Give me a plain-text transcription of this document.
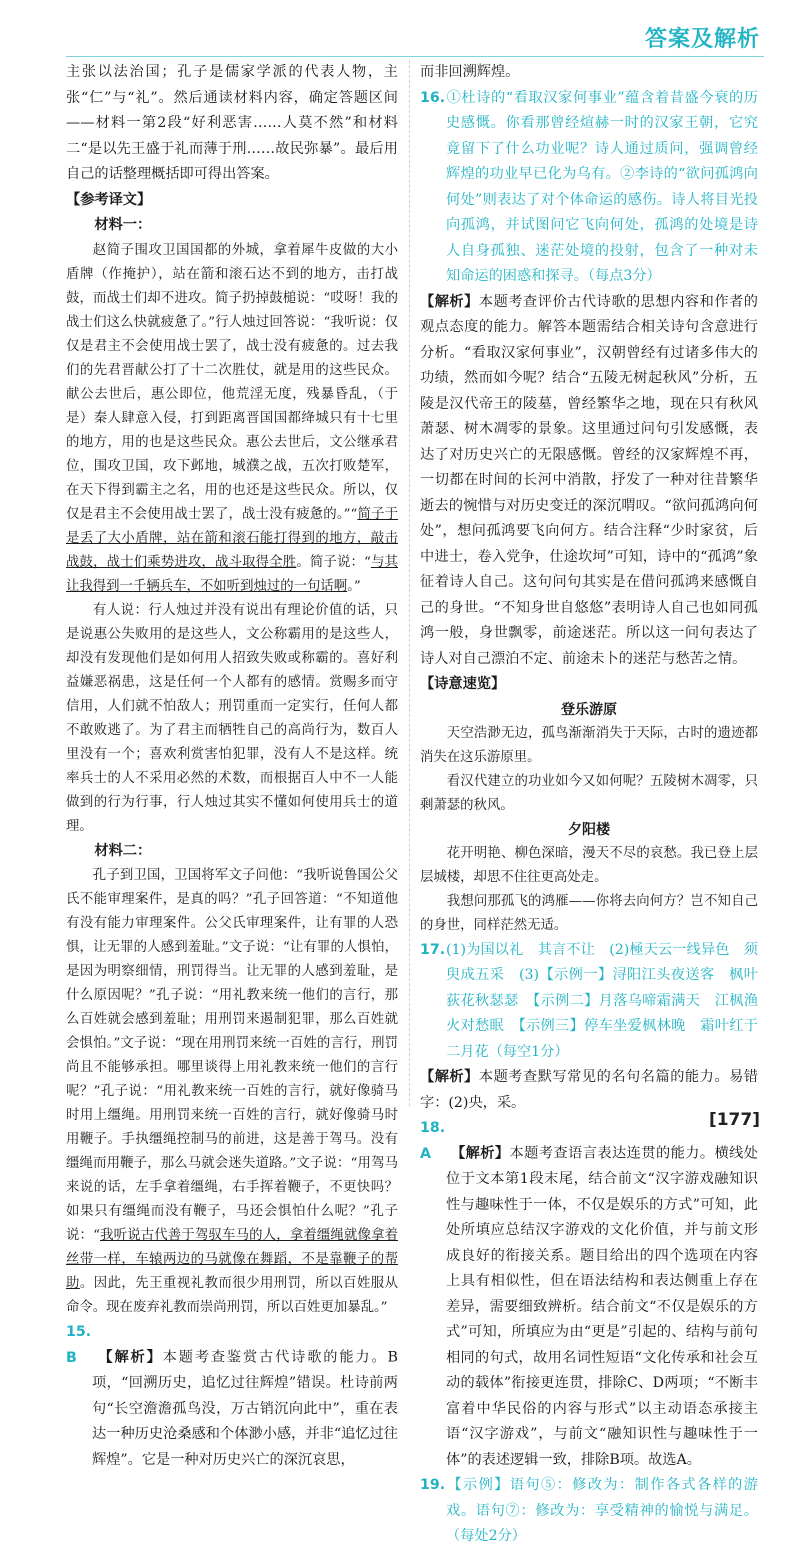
答案及解析

主张以法治国；孔子是儒家学派的代表人物，主张“仁”与“礼”。然后通读材料内容，确定答题区间——材料一第2段“好利恶害……人莫不然”和材料二“是以先王盛于礼而薄于刑……故民弥暴”。最后用自己的话整理概括即可得出答案。

【参考译文】

材料一：

赵简子围攻卫国国都的外城，拿着犀牛皮做的大小盾牌（作掩护），站在箭和滚石达不到的地方，击打战鼓，而战士们却不进攻。简子扔掉鼓槌说：“哎呀！我的战士们这么快就疲惫了。”行人烛过回答说：“我听说：仅仅是君主不会使用战士罢了，战士没有疲惫的。过去我们的先君晋献公打了十二次胜仗，就是用的这些民众。献公去世后，惠公即位，他荒淫无度，残暴昏乱，（于是）秦人肆意入侵，打到距离晋国国都绛城只有十七里的地方，用的也是这些民众。惠公去世后，文公继承君位，围攻卫国，攻下邺地，城濮之战，五次打败楚军，在天下得到霸主之名，用的也还是这些民众。所以，仅仅是君主不会使用战士罢了，战士没有疲惫的。”“简子于是丢了大小盾牌，站在箭和滚石能打得到的地方，敲击战鼓，战士们乘势进攻，战斗取得全胜。简子说：“与其让我得到一千辆兵车，不如听到烛过的一句话啊。”

有人说：行人烛过并没有说出有理论价值的话，只是说惠公失败用的是这些人，文公称霸用的是这些人，却没有发现他们是如何用人招致失败或称霸的。喜好利益嫌恶祸患，这是任何一个人都有的感情。赏赐多而守信用，人们就不怕敌人；刑罚重而一定实行，任何人都不敢败逃了。为了君主而牺牲自己的高尚行为，数百人里没有一个；喜欢利赏害怕犯罪，没有人不是这样。统率兵士的人不采用必然的术数，而根据百人中不一人能做到的行为行事，行人烛过其实不懂如何使用兵士的道理。

材料二：

孔子到卫国，卫国将军文子问他：“我听说鲁国公父氏不能审理案件，是真的吗？”孔子回答道：“不知道他有没有能力审理案件。公父氏审理案件，让有罪的人恐惧，让无罪的人感到羞耻。”文子说：“让有罪的人惧怕，是因为明察细情，刑罚得当。让无罪的人感到羞耻，是什么原因呢？”孔子说：“用礼教来统一他们的言行，那么百姓就会感到羞耻；用刑罚来遏制犯罪，那么百姓就会惧怕。”文子说：“现在用刑罚来统一百姓的言行，刑罚尚且不能够承担。哪里谈得上用礼教来统一他们的言行呢？”孔子说：“用礼教来统一百姓的言行，就好像骑马时用上缰绳。用刑罚来统一百姓的言行，就好像骑马时用鞭子。手执缰绳控制马的前进，这是善于驾马。没有缰绳而用鞭子，那么马就会迷失道路。”文子说：“用驾马来说的话，左手拿着缰绳，右手挥着鞭子，不更快吗？如果只有缰绳而没有鞭子，马还会惧怕什么呢？”孔子说：“我听说古代善于驾驭车马的人，拿着缰绳就像拿着丝带一样，车辕两边的马就像在舞蹈，不是靠鞭子的帮助。因此，先王重视礼教而很少用刑罚，所以百姓服从命令。现在废弃礼教而崇尚刑罚，所以百姓更加暴乱。”

15. B 【解析】本题考查鉴赏古代诗歌的能力。B项，“回溯历史，追忆过往辉煌”错误。杜诗前两句“长空澹澹孤鸟没，万古销沉向此中”，重在表达一种历史沧桑感和个体渺小感，并非“追忆过往辉煌”。它是一种对历史兴亡的深沉哀思，

而非回溯辉煌。

16.①杜诗的“看取汉家何事业”蕴含着昔盛今衰的历史感慨。你看那曾经煊赫一时的汉家王朝，它究竟留下了什么功业呢？诗人通过质问，强调曾经辉煌的功业早已化为乌有。②李诗的“欲问孤鸿向何处”则表达了对个体命运的感伤。诗人将目光投向孤鸿，并试图问它飞向何处，孤鸿的处境是诗人自身孤独、迷茫处境的投射，包含了一种对未知命运的困惑和探寻。（每点3分）

【解析】本题考查评价古代诗歌的思想内容和作者的观点态度的能力。解答本题需结合相关诗句含意进行分析。“看取汉家何事业”，汉朝曾经有过诸多伟大的功绩，然而如今呢？结合“五陵无树起秋风”分析，五陵是汉代帝王的陵墓，曾经繁华之地，现在只有秋风萧瑟、树木凋零的景象。这里通过问句引发感慨，表达了对历史兴亡的无限感慨。曾经的汉家辉煌不再，一切都在时间的长河中消散，抒发了一种对往昔繁华逝去的惋惜与对历史变迁的深沉喟叹。“欲问孤鸿向何处”，想问孤鸿要飞向何方。结合注释“少时家贫，后中进士，卷入党争，仕途坎坷”可知，诗中的“孤鸿”象征着诗人自己。这句问句其实是在借问孤鸿来感慨自己的身世。“不知身世自悠悠”表明诗人自己也如同孤鸿一般，身世飘零，前途迷茫。所以这一问句表达了诗人对自己漂泊不定、前途未卜的迷茫与愁苦之情。

【诗意速览】

登乐游原

天空浩渺无边，孤鸟渐渐消失于天际，古时的遗迹都消失在这乐游原里。

看汉代建立的功业如今又如何呢？五陵树木凋零，只剩萧瑟的秋风。

夕阳楼

花开明艳、柳色深暗，漫天不尽的哀愁。我已登上层层城楼，却思不住往更高处走。

我想问那孤飞的鸿雁——你将去向何方？岂不知自己的身世，同样茫然无适。

17.(1)为国以礼　其言不让　(2)極天云一线异色　须臾成五采　(3)【示例一】浔阳江头夜送客　枫叶荻花秋瑟瑟　【示例二】月落乌啼霜满天　江枫渔火对愁眠　【示例三】停车坐爱枫林晚　霜叶红于二月花（每空1分）

【解析】本题考查默写常见的名句名篇的能力。易错字：(2)央，采。

18. A 【解析】本题考查语言表达连贯的能力。横线处位于文本第1段末尾，结合前文“汉字游戏融知识性与趣味性于一体，不仅是娱乐的方式”可知，此处所填应总结汉字游戏的文化价值，并与前文形成良好的衔接关系。题目给出的四个选项在内容上具有相似性，但在语法结构和表达侧重上存在差异，需要细致辨析。结合前文“不仅是娱乐的方式”可知，所填应为由“更是”引起的、结构与前句相同的句式，故用名词性短语“文化传承和社会互动的载体”衔接更连贯，排除C、D两项；“不断丰富着中华民俗的内容与形式”以主动语态承接主语“汉字游戏”，与前文“融知识性与趣味性于一体”的表述逻辑一致，排除B项。故选A。

19.【示例】语句⑤：修改为：制作各式各样的游戏。语句⑦：修改为：享受精神的愉悦与满足。（每处2分）

[177]
